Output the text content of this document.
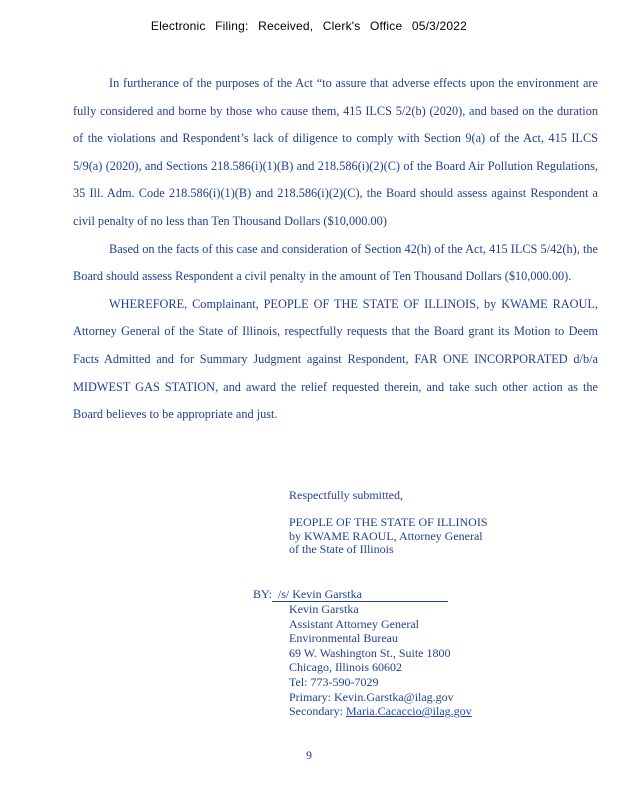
Electronic Filing: Received, Clerk's Office 05/3/2022

In furtherance of the purposes of the Act “to assure that adverse effects upon the environment are fully considered and borne by those who cause them, 415 ILCS 5/2(b) (2020), and based on the duration of the violations and Respondent’s lack of diligence to comply with Section 9(a) of the Act, 415 ILCS 5/9(a) (2020), and Sections 218.586(i)(1)(B) and 218.586(i)(2)(C) of the Board Air Pollution Regulations, 35 Ill. Adm. Code 218.586(i)(1)(B) and 218.586(i)(2)(C), the Board should assess against Respondent a civil penalty of no less than Ten Thousand Dollars ($10,000.00)

Based on the facts of this case and consideration of Section 42(h) of the Act, 415 ILCS 5/42(h), the Board should assess Respondent a civil penalty in the amount of Ten Thousand Dollars ($10,000.00).

WHEREFORE, Complainant, PEOPLE OF THE STATE OF ILLINOIS, by KWAME RAOUL, Attorney General of the State of Illinois, respectfully requests that the Board grant its Motion to Deem Facts Admitted and for Summary Judgment against Respondent, FAR ONE INCORPORATED d/b/a MIDWEST GAS STATION, and award the relief requested therein, and take such other action as the Board believes to be appropriate and just.

Respectfully submitted,
PEOPLE OF THE STATE OF ILLINOIS
by KWAME RAOUL, Attorney General
of the State of Illinois
BY: /s/ Kevin Garstka
Kevin Garstka
Assistant Attorney General
Environmental Bureau
69 W. Washington St., Suite 1800
Chicago, Illinois 60602
Tel: 773-590-7029
Primary: Kevin.Garstka@ilag.gov
Secondary: Maria.Cacaccio@ilag.gov
9
